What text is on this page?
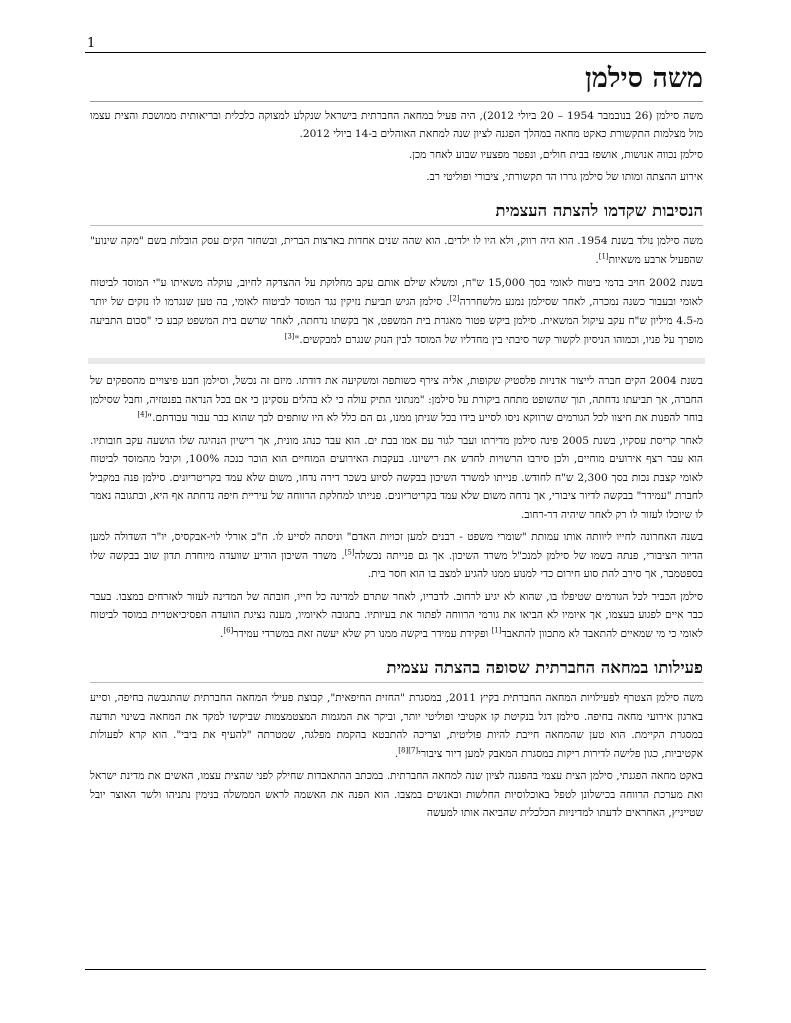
1
משה סילמן

משה סילמן (26 בנובמבר 1954 – 20 ביולי 2012), היה פעיל במחאה החברתית בישראל שנקלע למצוקה כלכלית ובריאותית ממושכת והצית עצמו מול מצלמות התקשורת כאקט מחאה במהלך הפגנה לציון שנה למחאת האוהלים ב-14 ביולי 2012.

סילמן נכווה אנושות, אושפז בבית חולים, ונפטר מפצעיו שבוע לאחר מכן.

אירוע ההצתה ומותו של סילמן גררו הד תקשורתי, ציבורי ופוליטי רב.

הנסיבות שקדמו להצתה העצמית

משה סילמן נולד בשנת 1954. הוא היה רווק, ולא היו לו ילדים. הוא שהה שנים אחדות בארצות הברית, ובשחזר הקים עסק הובלות בשם "מקה שינוע" שהפעיל ארבע משאיות[1].

בשנת 2002 חויב בדמי ביטוח לאומי בסך 15,000 ש"ח, ומשלא שילם אותם עקב מחלוקת על ההצדקה לחיוב, עוקלה משאיתו ע"י המוסד לביטוח לאומי ובעבור כשנה נמכרה, לאחר שסילמן נמנע מלשחררה[2]. סילמן הגיש תביעת נזיקין נגד המוסד לביטוח לאומי, בה טען שנגרמו לו נזקים של יותר מ-4.5 מיליון ש"ח עקב עיקול המשאית. סילמן ביקש פטור מאגרת בית המשפט, אך בקשתו נדחתה, לאחר שרשם בית המשפט קבע כי "סכום התביעה מופרך על פניו, וכמוהו הניסיון לקשור קשר סיבתי בין מחדליו של המוסד לבין הנזק שנגרם למבקשים."[3]

בשנת 2004 הקים חברה לייצור אדניות פלסטיק שקופות, אליה צירף כשותפה ומשקיעה את דודתו. מיזם זה נכשל, וסילמן חבע פיצויים מהספקים של החברה, אך תביעתו נדחתה, תוך שהשופט מתחה ביקורת על סילמן: "מנתוני התיק עולה כי לא בהלים עסקינן כי אם בכל הנראה בפנטזיה, וחבל שסילמן בוחר להפנות את חיצוו לכל הגורמים שרווקא ניסו לסייע בידו בכל שניתן ממנו, גם הם כלל לא היו שותפים לכך שהוא כבר עבור עבודתם."[4]

לאחר קריסת עסקיו, בשנת 2005 פינה סילמן מדירתו ועבר לגור עם אמו בבת ים. הוא עבד כנהג מונית, אך רישיון הנהיגה שלו הושעה עקב חובותיו. הוא עבר רצף אירועים מוחיים, ולכן סירבו הרשויות לחדש את רישיונו. בעקבות האירועים המוחיים הוא הוכר כנכה 100%, וקיבל מהמוסד לביטוח לאומי קצבת נכות בסך 2,300 ש"ח לחודש. פנייתו למשרד השיכון בבקשה לסיוע בשכר דירה נדחו, משום שלא עמד בקריטריונים. סילמן פנה במקביל לחברת "עמידר" בבקשה לדיור ציבורי, אך נדחה משום שלא עמד בקריטריונים. פנייתו למחלקת הרווחה של עיריית חיפה נדחתה אף היא, ובתגובה נאמר לו שיוכלו לעזור לו רק לאחר שיהיה דר-רחוב.

בשנה האחרונה לחייו ליוותה אותו עמותת "שומרי משפט - רבנים למען זכויות האדם" וניסתה לסייע לו. ח"כ אורלי לוי-אבקסיס, יו"ר השדולה למען הדיור הציבורי, פנתה בשמו של סילמן למנכ"ל משרד השיכון. אך גם פנייתה נכשלה[5]. משרד השיכון הודיע שוועדה מיוחדת תדון שוב בבקשה שלו בספטמבר, אך סירב להת סוע חירום כדי למנוע ממנו להגיע למצב בו הוא חסר בית.

סילמן הכביר לכל הגורמים שטיפלו בו, שהוא לא יגיע לרחוב. לדבריו, לאחר שתרם למדינה כל חייו, חובתה של המדינה לעזור לאזרחים במצבו. בעבר כבר איים לפגוע בעצמו, אך איומיו לא הביאו את גורמי הרווחה לפתור את בעיותיו. בתגובה לאיומיו, מענה נציגת הוועדה הפסיכיאטרית במוסד לביטוח לאומי כי מי שמאיים להתאבד לא מתכוון להתאבד[1] ופקידת עמידר ביקשה ממנו רק שלא יעשה זאת במשרדי עמידר[6].

פעילותו במחאה החברתית שסופה בהצתה עצמית

משה סילמן הצטרף לפעילויות המחאה החברתית בקיץ 2011, במסגרת "החזית החיפאית", קבוצת פעילי המחאה החברתית שהתגבשה בחיפה, וסייע בארגון אירועי מחאה בחיפה. סילמן דגל בנקיטת קו אקטיבי ופוליטי יותר, וביקר את המגמות המצטמצמות שביקשו למקד את המחאה בשינוי תודעה במסגרת הקיימת. הוא טען שהמחאה חייבת להיות פוליטית, וצריכה להתבטא בהקמת מפלגה, שמטרתה "להעיף את ביבי". הוא קרא לפעולות אקטיביות, כגון פלישה לדירות ריקות במסגרת המאבק למען דיור ציבורי[7][8].

באקט מחאה הפגנתי, סילמן הצית עצמי בהפגנה לציון שנה למחאה החברתית. במכתב ההתאבדות שחילק לפני שהצית עצמו, האשים את מדינת ישראל ואת מערכת הרווחה בכישלונן לטפל באוכלוסיות החלשות ובאנשים במצבו. הוא הפנה את האשמה לראש הממשלה בנימין נתניהו ולשר האוצר יובל שטייניץ, האחראים לדעתו למדיניות הכלכלית שהביאה אותו למעשה
